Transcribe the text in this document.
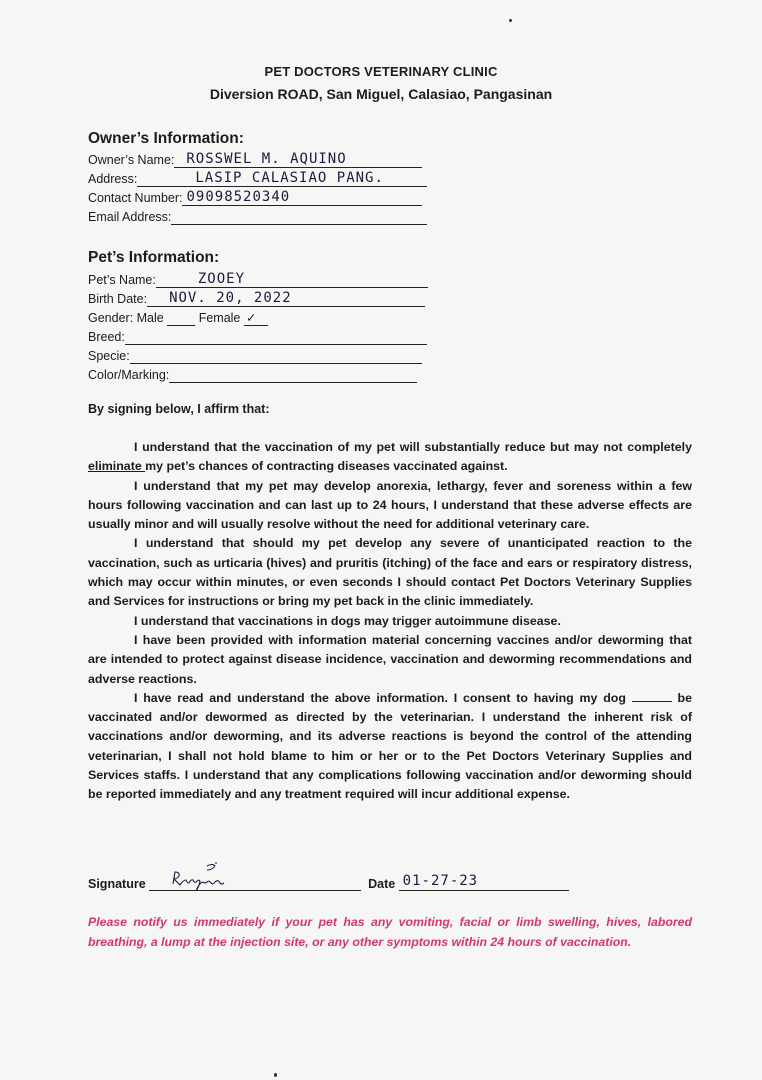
PET DOCTORS VETERINARY CLINIC
Diversion ROAD, San Miguel, Calasiao, Pangasinan
Owner’s Information:
Owner’s Name: ROSSWEL M. AQUINO
Address:	LASIP CALASIAO PANG.
Contact Number: 09098520340
Email Address:
Pet’s Information:
Pet’s Name:	ZOOEY
Birth Date: NOV. 20, 2022
Gender: Male	Female ✓
Breed:
Specie:
Color/Marking:
By signing below, I affirm that:

I understand that the vaccination of my pet will substantially reduce but may not completely eliminate my pet’s chances of contracting diseases vaccinated against.

I understand that my pet may develop anorexia, lethargy, fever and soreness within a few hours following vaccination and can last up to 24 hours, I understand that these adverse effects are usually minor and will usually resolve without the need for additional veterinary care.

I understand that should my pet develop any severe of unanticipated reaction to the vaccination, such as urticaria (hives) and pruritis (itching) of the face and ears or respiratory distress, which may occur within minutes, or even seconds I should contact Pet Doctors Veterinary Supplies and Services for instructions or bring my pet back in the clinic immediately.

I understand that vaccinations in dogs may trigger autoimmune disease.

I have been provided with information material concerning vaccines and/or deworming that are intended to protect against disease incidence, vaccination and deworming recommendations and adverse reactions.

I have read and understand the above information. I consent to having my dog	be vaccinated and/or dewormed as directed by the veterinarian. I understand the inherent risk of vaccinations and/or deworming, and its adverse reactions is beyond the control of the attending veterinarian, I shall not hold blame to him or her or to the Pet Doctors Veterinary Supplies and Services staffs. I understand that any complications following vaccination and/or deworming should be reported immediately and any treatment required will incur additional expense.

Signature	Date 01-27-23
Please notify us immediately if your pet has any vomiting, facial or limb swelling, hives, labored breathing, a lump at the injection site, or any other symptoms within 24 hours of vaccination.
